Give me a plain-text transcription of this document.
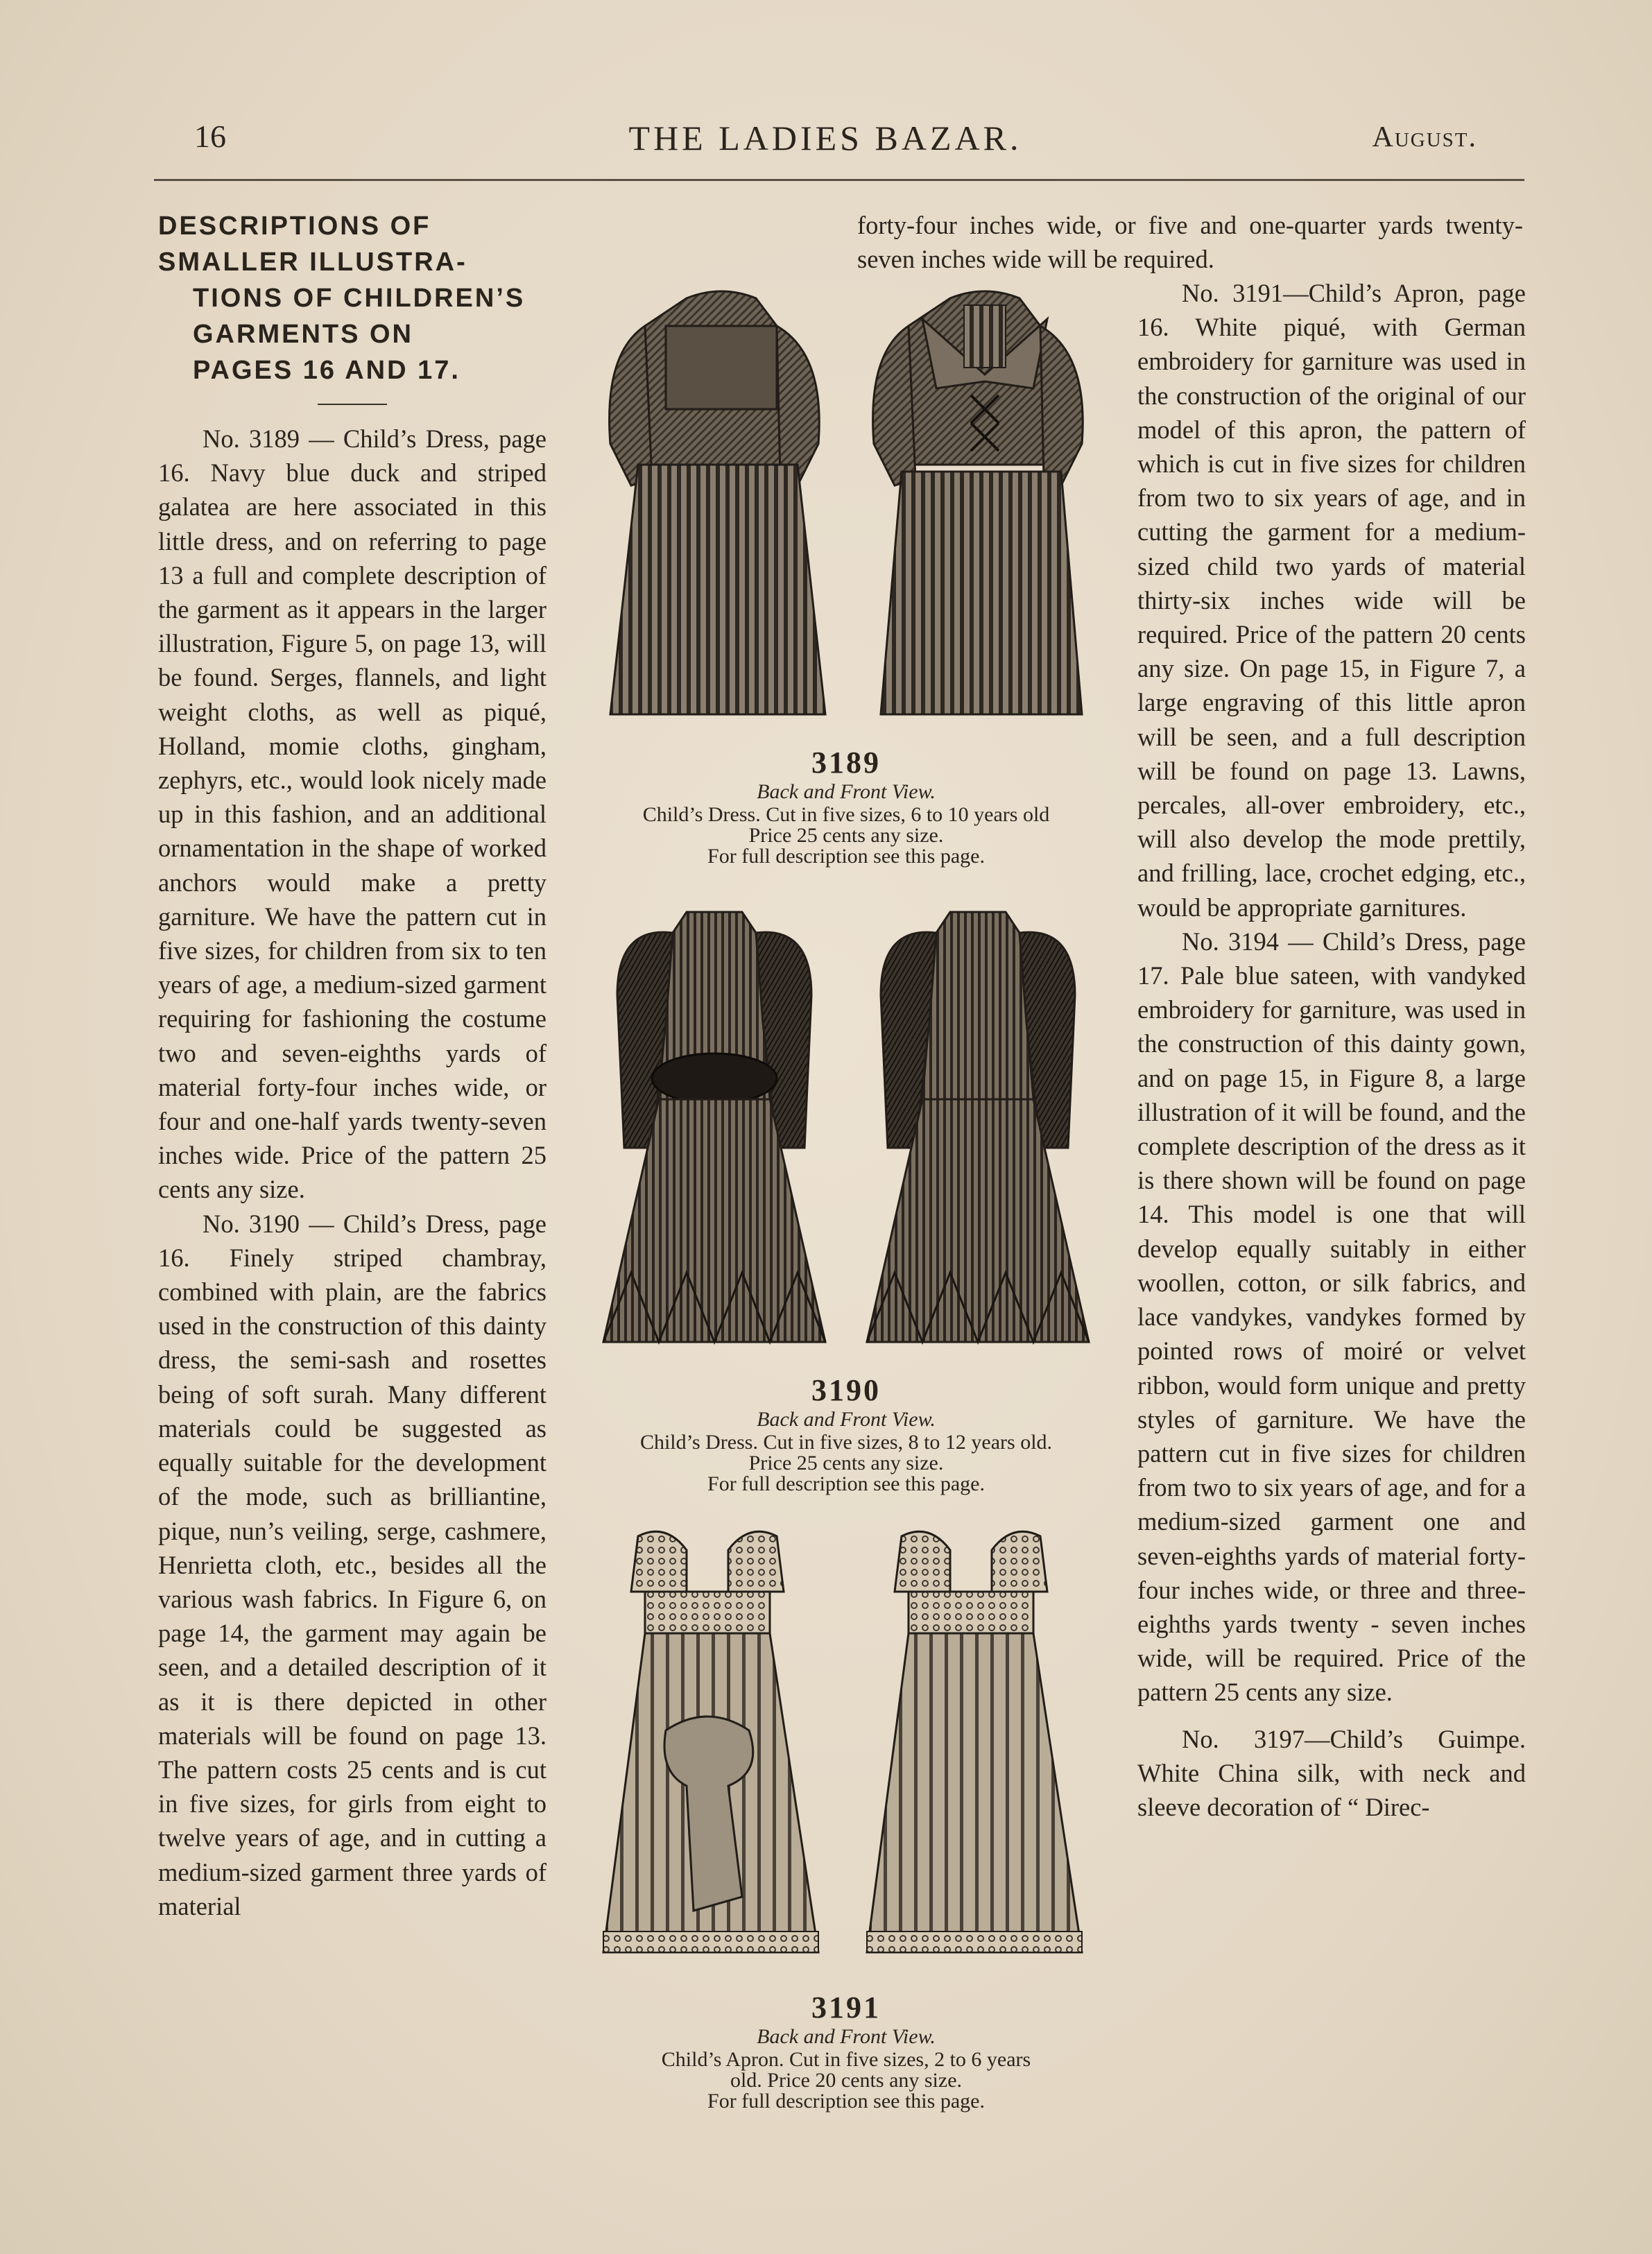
16	THE LADIES BAZAR.	August.
DESCRIPTIONS OF SMALLER ILLUSTRA-
TIONS OF CHILDREN’S GARMENTS ON
PAGES 16 AND 17.

No. 3189 — Child’s Dress, page 16. Navy blue duck and striped galatea are here associated in this little dress, and on referring to page 13 a full and complete description of the garment as it appears in the larger illustration, Figure 5, on page 13, will be found. Serges, flannels, and light weight cloths, as well as piqué, Holland, momie cloths, gingham, zephyrs, etc., would look nicely made up in this fashion, and an additional ornamentation in the shape of worked anchors would make a pretty garniture. We have the pattern cut in five sizes, for children from six to ten years of age, a medium-sized garment requiring for fashioning the costume two and seven-eighths yards of material forty-four inches wide, or four and one-half yards twenty-seven inches wide. Price of the pattern 25 cents any size.

No. 3190 — Child’s Dress, page 16. Finely striped chambray, combined with plain, are the fabrics used in the construction of this dainty dress, the semi-sash and rosettes being of soft surah. Many different materials could be suggested as equally suitable for the development of the mode, such as brilliantine, pique, nun’s veiling, serge, cashmere, Henrietta cloth, etc., besides all the various wash fabrics. In Figure 6, on page 14, the garment may again be seen, and a detailed description of it as it is there depicted in other materials will be found on page 13. The pattern costs 25 cents and is cut in five sizes, for girls from eight to twelve years of age, and in cutting a medium-sized garment three yards of material

forty-four inches wide, or five and one-quarter yards twenty-seven inches wide will be required.

3189
Back and Front View.
Child’s Dress. Cut in five sizes, 6 to 10 years old
Price 25 cents any size.
For full description see this page.
3190
Back and Front View.
Child’s Dress. Cut in five sizes, 8 to 12 years old.
Price 25 cents any size.
For full description see this page.
3191
Back and Front View.
Child’s Apron. Cut in five sizes, 2 to 6 years
old. Price 20 cents any size.
For full description see this page.

No. 3191—Child’s Apron, page 16. White piqué, with German embroidery for garniture was used in the construction of the original of our model of this apron, the pattern of which is cut in five sizes for children from two to six years of age, and in cutting the garment for a medium-sized child two yards of material thirty-six inches wide will be required. Price of the pattern 20 cents any size. On page 15, in Figure 7, a large engraving of this little apron will be seen, and a full description will be found on page 13. Lawns, percales, all-over embroidery, etc., will also develop the mode prettily, and frilling, lace, crochet edging, etc., would be appropriate garnitures.

No. 3194 — Child’s Dress, page 17. Pale blue sateen, with vandyked embroidery for garniture, was used in the construction of this dainty gown, and on page 15, in Figure 8, a large illustration of it will be found, and the complete description of the dress as it is there shown will be found on page 14. This model is one that will develop equally suitably in either woollen, cotton, or silk fabrics, and lace vandykes, vandykes formed by pointed rows of moiré or velvet ribbon, would form unique and pretty styles of garniture. We have the pattern cut in five sizes for children from two to six years of age, and for a medium-sized garment one and seven-eighths yards of material forty-four inches wide, or three and three-eighths yards twenty - seven inches wide, will be required. Price of the pattern 25 cents any size.

No. 3197—Child’s Guimpe. White China silk, with neck and sleeve decoration of “ Direc-
